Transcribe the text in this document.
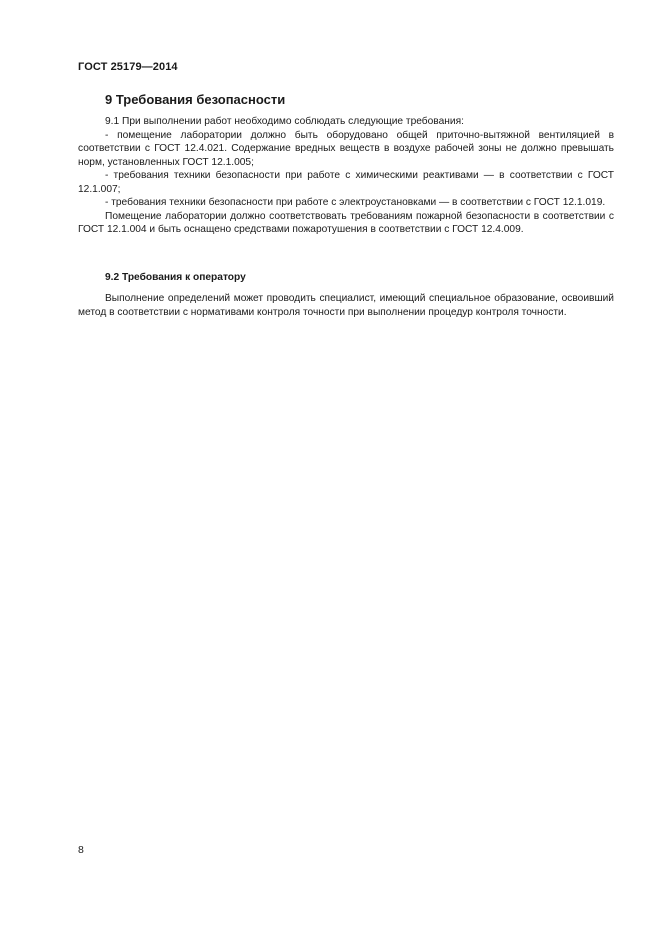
ГОСТ 25179—2014
9 Требования безопасности

9.1 При выполнении работ необходимо соблюдать следующие требования:

- помещение лаборатории должно быть оборудовано общей приточно-вытяжной вентиляцией в соответствии с ГОСТ 12.4.021. Содержание вредных веществ в воздухе рабочей зоны не должно превышать норм, установленных ГОСТ 12.1.005;

- требования техники безопасности при работе с химическими реактивами — в соответствии с ГОСТ 12.1.007;

- требования техники безопасности при работе с электроустановками — в соответствии с ГОСТ 12.1.019.

Помещение лаборатории должно соответствовать требованиям пожарной безопасности в соответствии с ГОСТ 12.1.004 и быть оснащено средствами пожаротушения в соответствии с ГОСТ 12.4.009.

9.2 Требования к оператору

Выполнение определений может проводить специалист, имеющий специальное образование, освоивший метод в соответствии с нормативами контроля точности при выполнении процедур контроля точности.

8
